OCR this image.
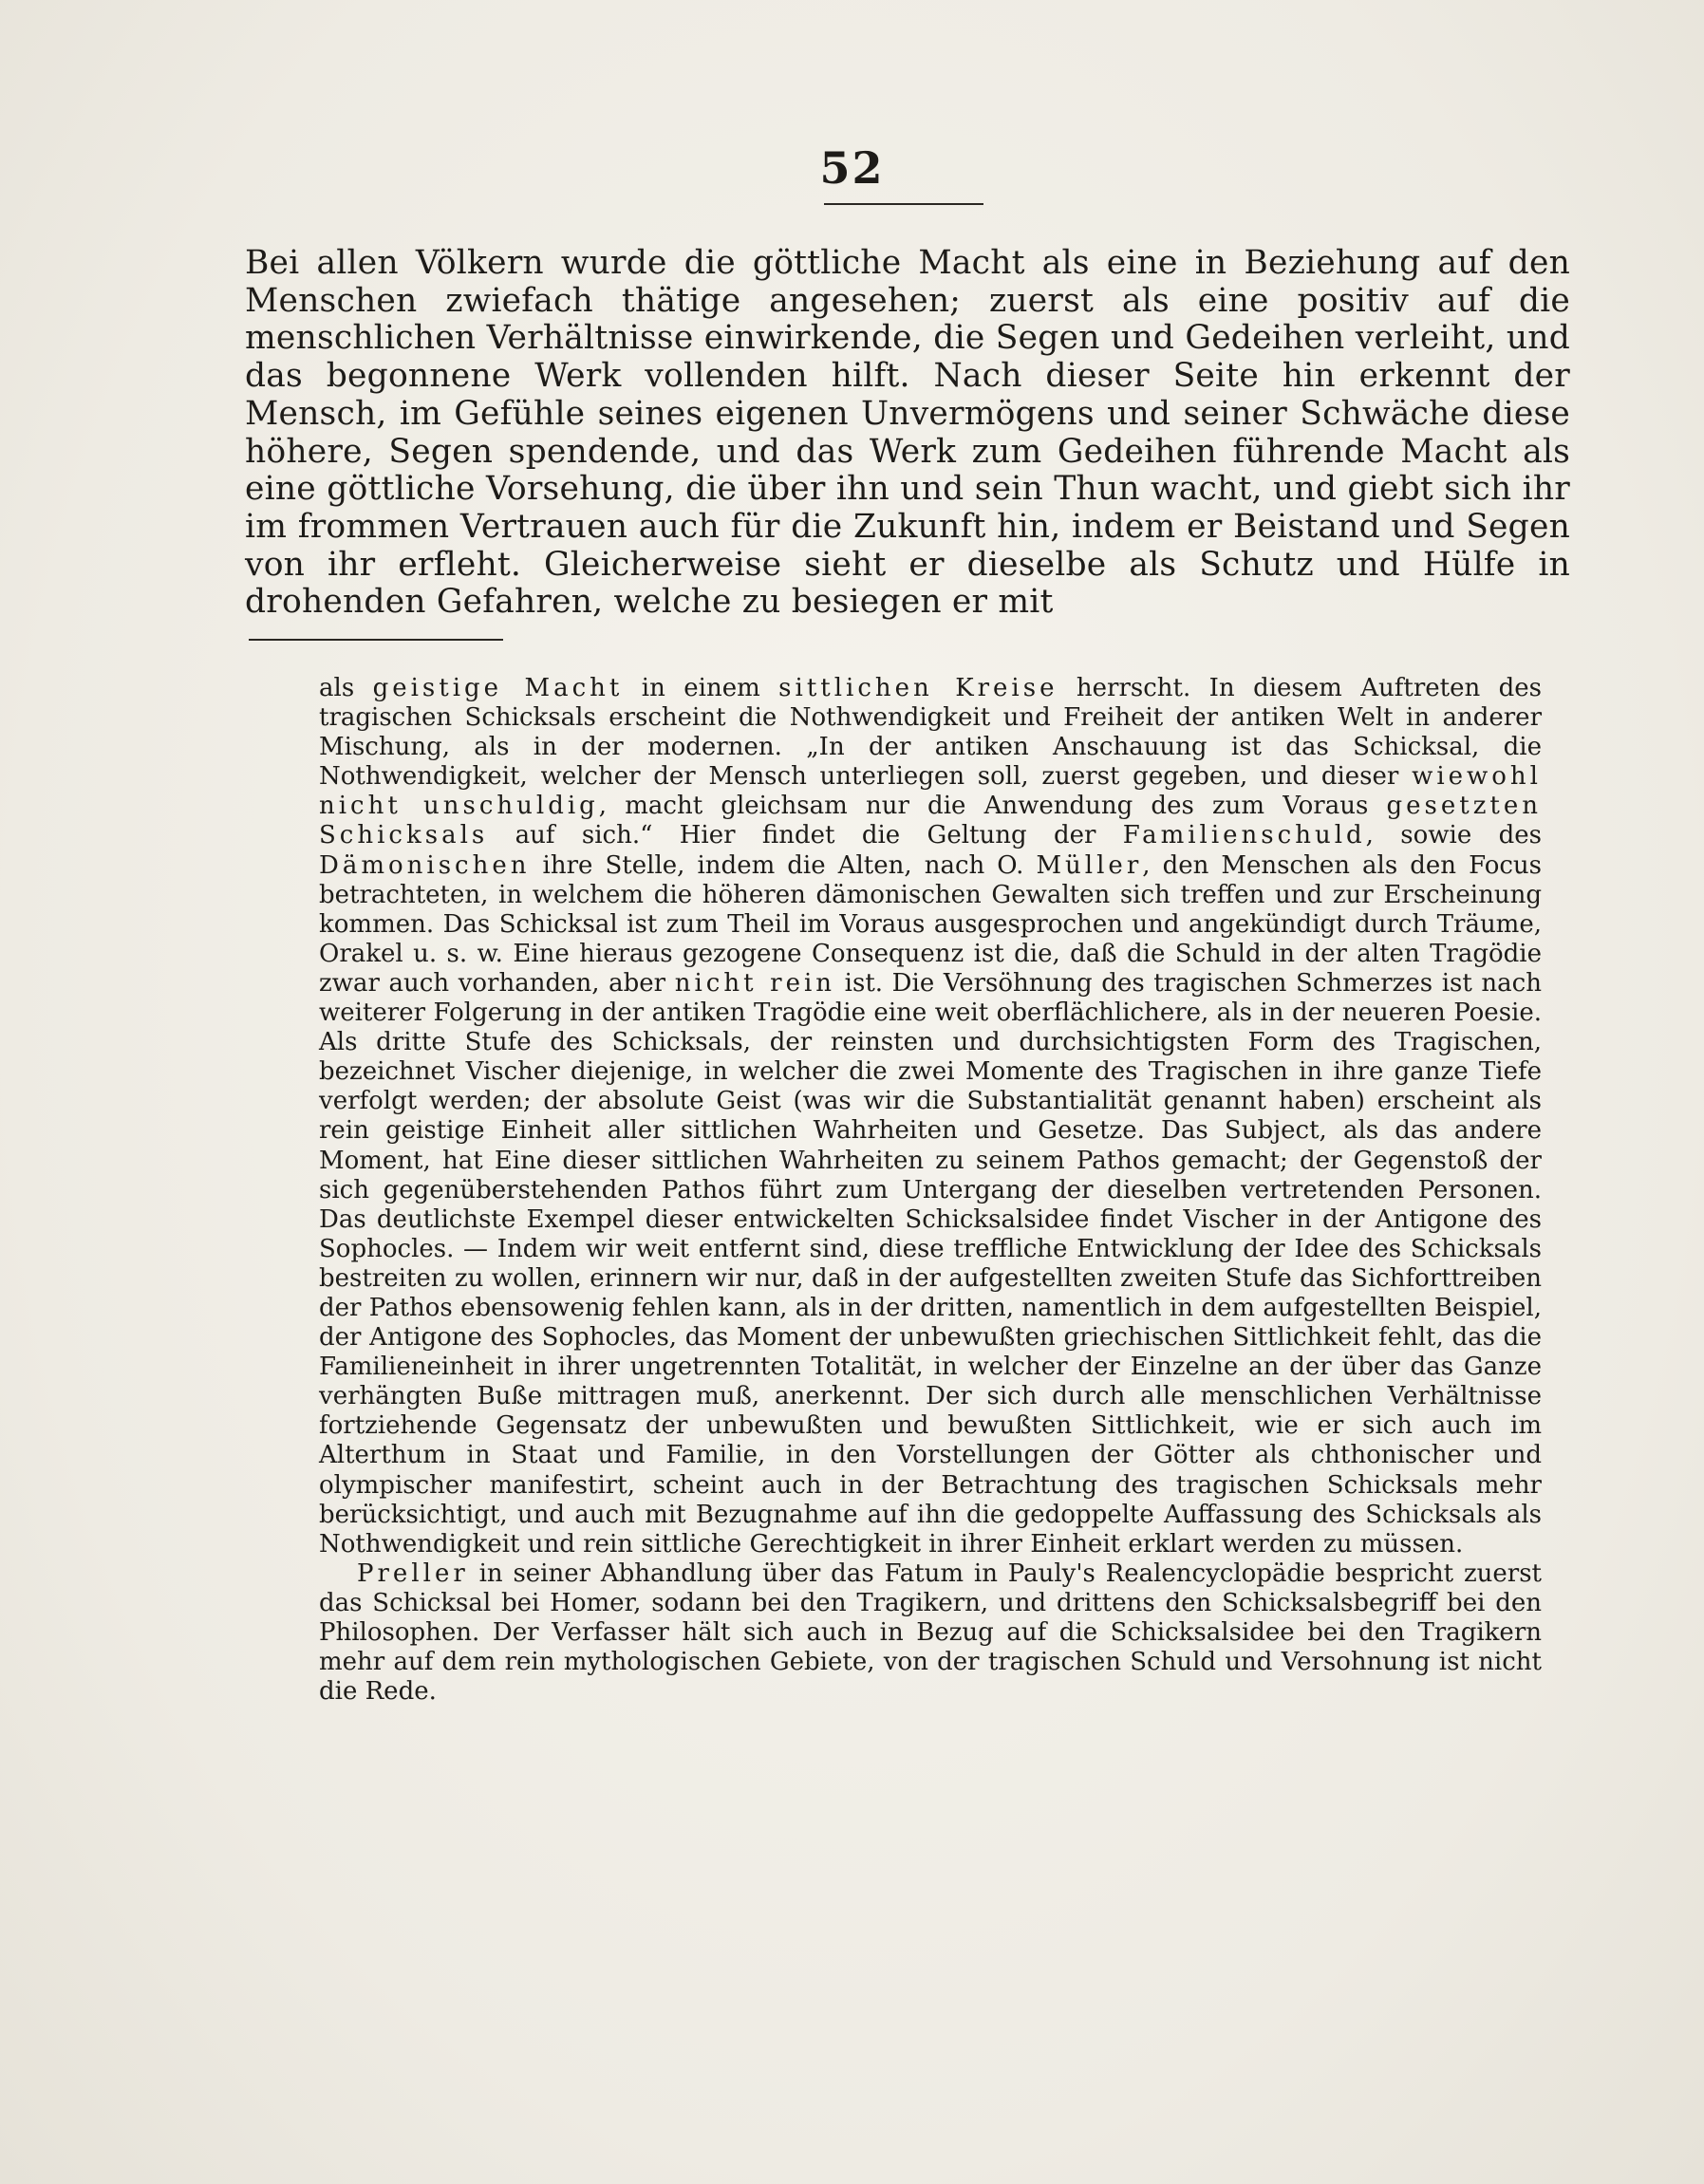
52

Bei allen Völkern wurde die göttliche Macht als eine in Beziehung auf den Menschen zwiefach thätige angesehen; zuerst als eine positiv auf die menschlichen Verhältnisse einwirkende, die Segen und Gedeihen verleiht, und das begonnene Werk vollenden hilft. Nach dieser Seite hin erkennt der Mensch, im Gefühle seines eigenen Unvermögens und seiner Schwäche diese höhere, Segen spendende, und das Werk zum Gedeihen führende Macht als eine göttliche Vorsehung, die über ihn und sein Thun wacht, und giebt sich ihr im frommen Vertrauen auch für die Zukunft hin, indem er Beistand und Segen von ihr erfleht. Gleicherweise sieht er dieselbe als Schutz und Hülfe in drohenden Gefahren, welche zu besiegen er mit

als geistige Macht in einem sittlichen Kreise herrscht. In diesem Auftreten des tragischen Schicksals erscheint die Nothwendigkeit und Freiheit der antiken Welt in anderer Mischung, als in der modernen. „In der antiken Anschauung ist das Schicksal, die Nothwendigkeit, welcher der Mensch unterliegen soll, zuerst gegeben, und dieser wiewohl nicht unschuldig, macht gleichsam nur die Anwendung des zum Voraus gesetzten Schicksals auf sich.“ Hier findet die Geltung der Familienschuld, sowie des Dämonischen ihre Stelle, indem die Alten, nach O. Müller, den Menschen als den Focus betrachteten, in welchem die höheren dämonischen Gewalten sich treffen und zur Erscheinung kommen. Das Schicksal ist zum Theil im Voraus ausgesprochen und angekündigt durch Träume, Orakel u. s. w. Eine hieraus gezogene Consequenz ist die, daß die Schuld in der alten Tragödie zwar auch vorhanden, aber nicht rein ist. Die Versöhnung des tragischen Schmerzes ist nach weiterer Folgerung in der antiken Tragödie eine weit oberflächlichere, als in der neueren Poesie. Als dritte Stufe des Schicksals, der reinsten und durchsichtigsten Form des Tragischen, bezeichnet Vischer diejenige, in welcher die zwei Momente des Tragischen in ihre ganze Tiefe verfolgt werden; der absolute Geist (was wir die Substantialität genannt haben) erscheint als rein geistige Einheit aller sittlichen Wahrheiten und Gesetze. Das Subject, als das andere Moment, hat Eine dieser sittlichen Wahrheiten zu seinem Pathos gemacht; der Gegenstoß der sich gegenüberstehenden Pathos führt zum Untergang der dieselben vertretenden Personen. Das deutlichste Exempel dieser entwickelten Schicksalsidee findet Vischer in der Antigone des Sophocles. — Indem wir weit entfernt sind, diese treffliche Entwicklung der Idee des Schicksals bestreiten zu wollen, erinnern wir nur, daß in der aufgestellten zweiten Stufe das Sichforttreiben der Pathos ebensowenig fehlen kann, als in der dritten, namentlich in dem aufgestellten Beispiel, der Antigone des Sophocles, das Moment der unbewußten griechischen Sittlichkeit fehlt, das die Familieneinheit in ihrer ungetrennten Totalität, in welcher der Einzelne an der über das Ganze verhängten Buße mittragen muß, anerkennt. Der sich durch alle menschlichen Verhältnisse fortziehende Gegensatz der unbewußten und bewußten Sittlichkeit, wie er sich auch im Alterthum in Staat und Familie, in den Vorstellungen der Götter als chthonischer und olympischer manifestirt, scheint auch in der Betrachtung des tragischen Schicksals mehr berücksichtigt, und auch mit Bezugnahme auf ihn die gedoppelte Auffassung des Schicksals als Nothwendigkeit und rein sittliche Gerechtigkeit in ihrer Einheit erklart werden zu müssen.

Preller in seiner Abhandlung über das Fatum in Pauly's Realencyclopädie bespricht zuerst das Schicksal bei Homer, sodann bei den Tragikern, und drittens den Schicksalsbegriff bei den Philosophen. Der Verfasser hält sich auch in Bezug auf die Schicksalsidee bei den Tragikern mehr auf dem rein mythologischen Gebiete, von der tragischen Schuld und Versohnung ist nicht die Rede.
